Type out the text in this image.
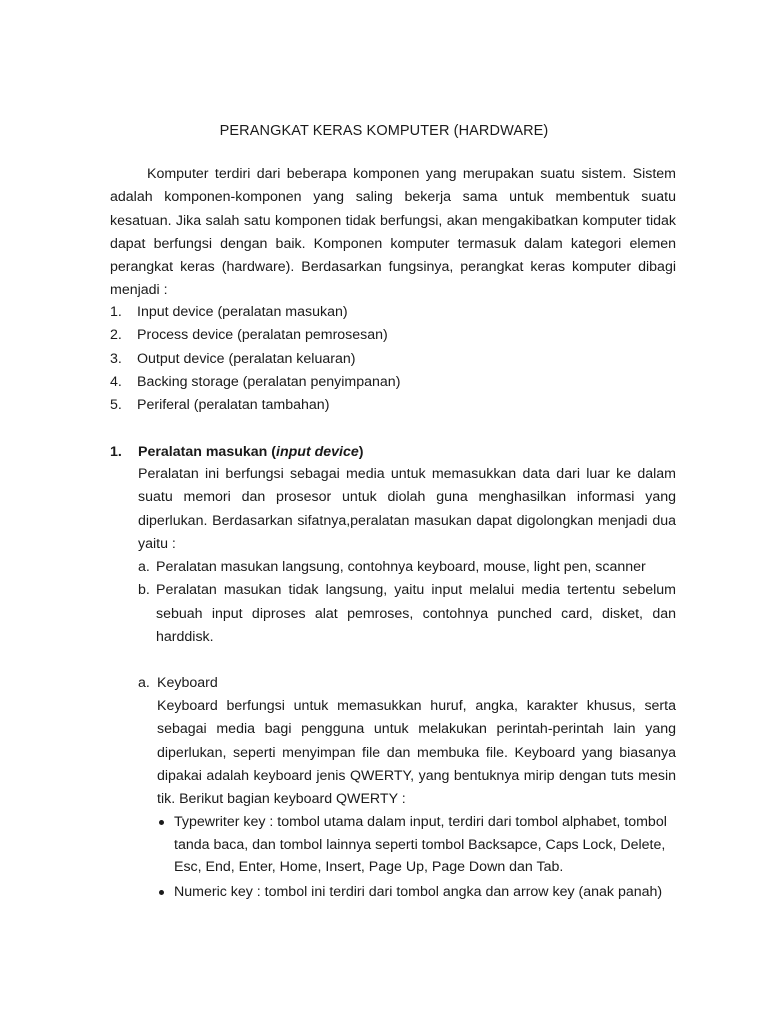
PERANGKAT KERAS KOMPUTER (HARDWARE)

Komputer terdiri dari beberapa komponen yang merupakan suatu sistem. Sistem adalah komponen-komponen yang saling bekerja sama untuk membentuk suatu kesatuan. Jika salah satu komponen tidak berfungsi, akan mengakibatkan komputer tidak dapat berfungsi dengan baik. Komponen komputer termasuk dalam kategori elemen perangkat keras (hardware). Berdasarkan fungsinya, perangkat keras komputer dibagi menjadi :

1. Input device (peralatan masukan)
2. Process device (peralatan pemrosesan)
3. Output device (peralatan keluaran)
4. Backing storage (peralatan penyimpanan)
5. Periferal (peralatan tambahan)
1. Peralatan masukan (input device)

Peralatan ini berfungsi sebagai media untuk memasukkan data dari luar ke dalam suatu memori dan prosesor untuk diolah guna menghasilkan informasi yang diperlukan. Berdasarkan sifatnya,peralatan masukan dapat digolongkan menjadi dua yaitu :

a. Peralatan masukan langsung, contohnya keyboard, mouse, light pen, scanner
b. Peralatan masukan tidak langsung, yaitu input melalui media tertentu sebelum sebuah input diproses alat pemroses, contohnya punched card, disket, dan harddisk.
a. Keyboard

Keyboard berfungsi untuk memasukkan huruf, angka, karakter khusus, serta sebagai media bagi pengguna untuk melakukan perintah-perintah lain yang diperlukan, seperti menyimpan file dan membuka file. Keyboard yang biasanya dipakai adalah keyboard jenis QWERTY, yang bentuknya mirip dengan tuts mesin tik. Berikut bagian keyboard QWERTY :

Typewriter key : tombol utama dalam input, terdiri dari tombol alphabet, tombol tanda baca, dan tombol lainnya seperti tombol Backsapce, Caps Lock, Delete, Esc, End, Enter, Home, Insert, Page Up, Page Down dan Tab.
Numeric key : tombol ini terdiri dari tombol angka dan arrow key (anak panah)
